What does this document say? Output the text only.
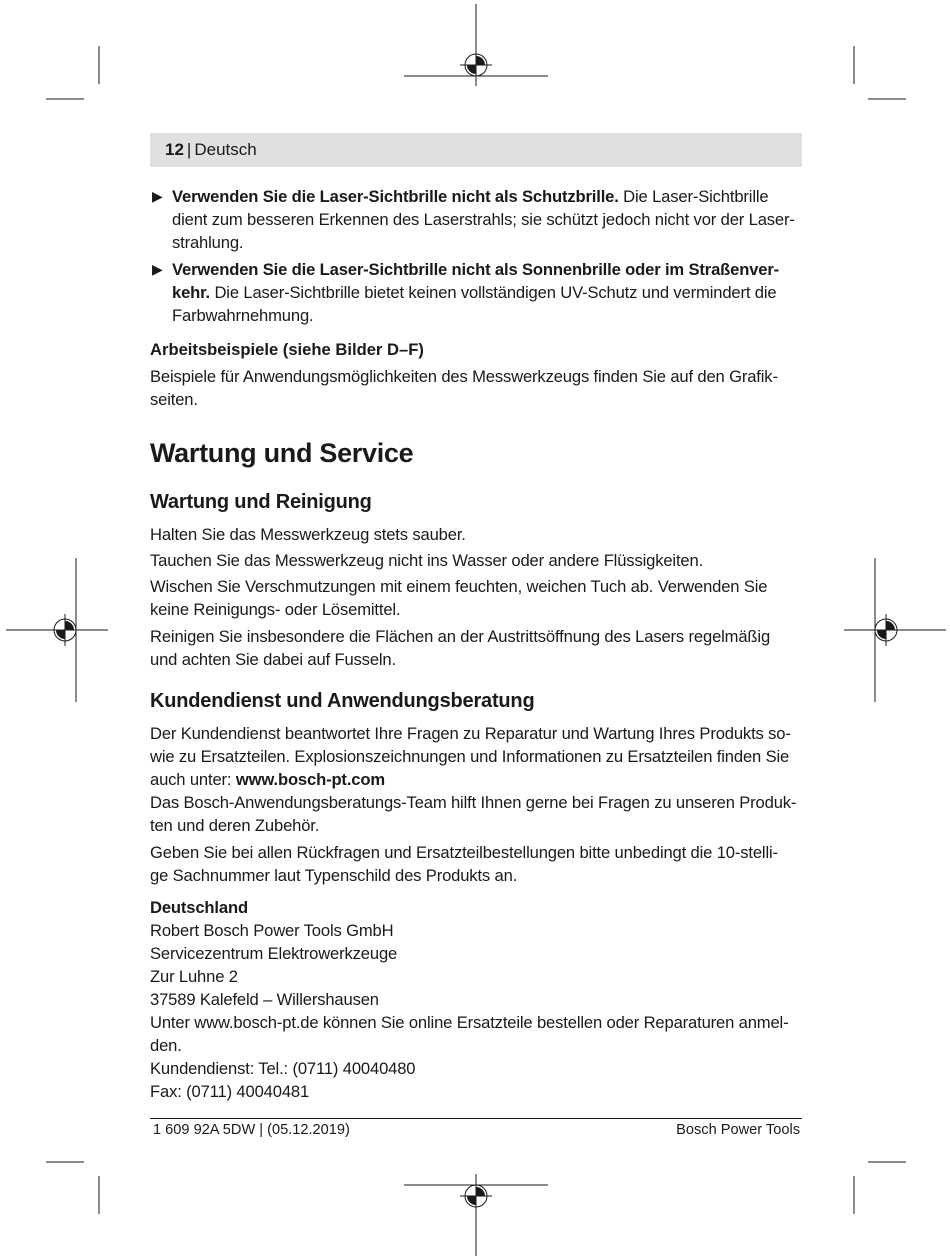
12 | Deutsch
▶ Verwenden Sie die Laser-Sichtbrille nicht als Schutzbrille. Die Laser-Sichtbrille

dient zum besseren Erkennen des Laserstrahls; sie schützt jedoch nicht vor der Laser-

strahlung.

▶ Verwenden Sie die Laser-Sichtbrille nicht als Sonnenbrille oder im Straßenver-

kehr. Die Laser-Sichtbrille bietet keinen vollständigen UV-Schutz und vermindert die

Farbwahrnehmung.

Arbeitsbeispiele (siehe Bilder D–F)

Beispiele für Anwendungsmöglichkeiten des Messwerkzeugs finden Sie auf den Grafik-

seiten.

Wartung und Service
Wartung und Reinigung
Halten Sie das Messwerkzeug stets sauber.
Tauchen Sie das Messwerkzeug nicht ins Wasser oder andere Flüssigkeiten.

Wischen Sie Verschmutzungen mit einem feuchten, weichen Tuch ab. Verwenden Sie

keine Reinigungs- oder Lösemittel.

Reinigen Sie insbesondere die Flächen an der Austrittsöffnung des Lasers regelmäßig

und achten Sie dabei auf Fusseln.

Kundendienst und Anwendungsberatung

Der Kundendienst beantwortet Ihre Fragen zu Reparatur und Wartung Ihres Produkts so-

wie zu Ersatzteilen. Explosionszeichnungen und Informationen zu Ersatzteilen finden Sie

auch unter: www.bosch-pt.com

Das Bosch-Anwendungsberatungs-Team hilft Ihnen gerne bei Fragen zu unseren Produk-

ten und deren Zubehör.

Geben Sie bei allen Rückfragen und Ersatzteilbestellungen bitte unbedingt die 10-stelli-

ge Sachnummer laut Typenschild des Produkts an.

Deutschland

Robert Bosch Power Tools GmbH

Servicezentrum Elektrowerkzeuge

Zur Luhne 2

37589 Kalefeld – Willershausen

Unter www.bosch-pt.de können Sie online Ersatzteile bestellen oder Reparaturen anmel-

den.

Kundendienst: Tel.: (0711) 40040480

Fax: (0711) 40040481

1 609 92A 5DW | (05.12.2019)	Bosch Power Tools
